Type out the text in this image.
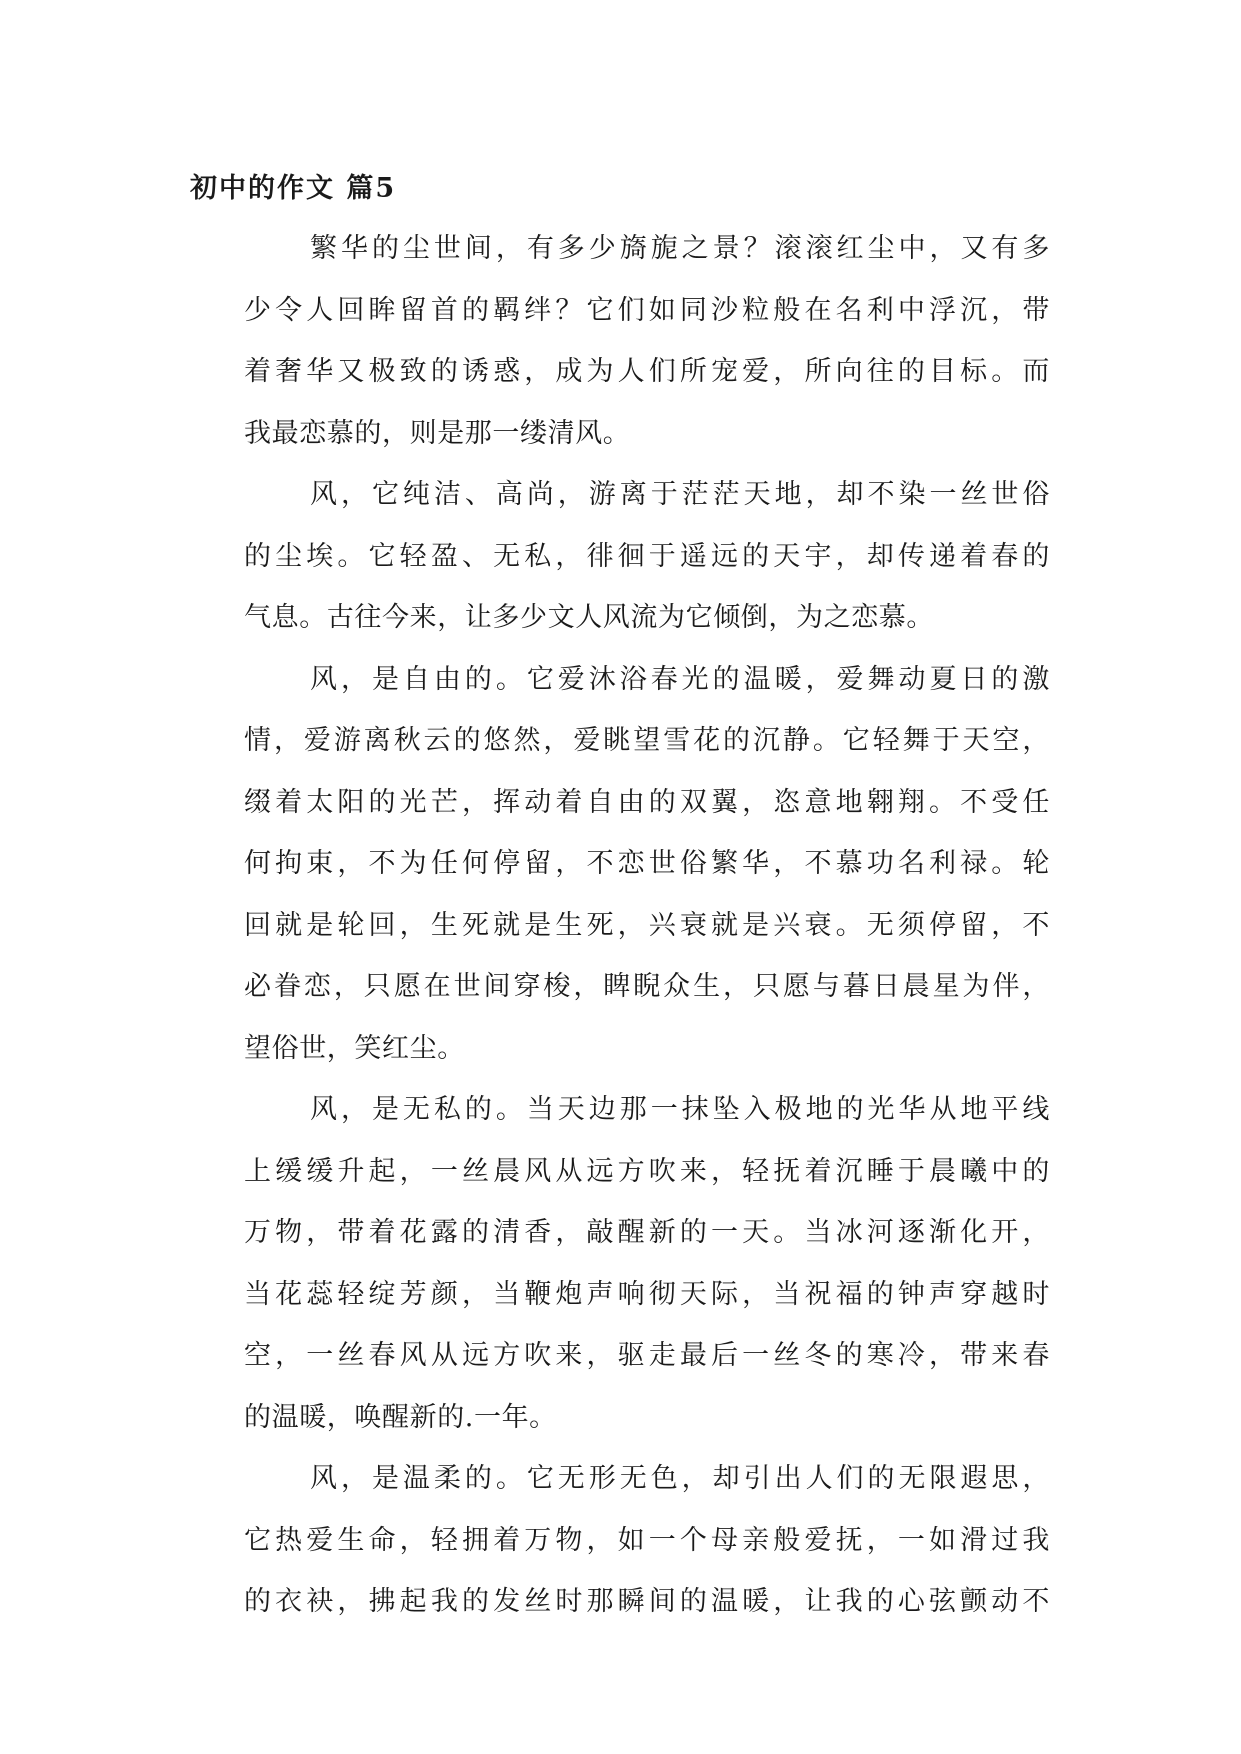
初中的作文 篇5

繁华的尘世间，有多少旖旎之景？滚滚红尘中，又有多
少令人回眸留首的羁绊？它们如同沙粒般在名利中浮沉，带
着奢华又极致的诱惑，成为人们所宠爱，所向往的目标。而
我最恋慕的，则是那一缕清风。

风，它纯洁、高尚，游离于茫茫天地，却不染一丝世俗
的尘埃。它轻盈、无私，徘徊于遥远的天宇，却传递着春的
气息。古往今来，让多少文人风流为它倾倒，为之恋慕。

风，是自由的。它爱沐浴春光的温暖，爱舞动夏日的激
情，爱游离秋云的悠然，爱眺望雪花的沉静。它轻舞于天空，
缀着太阳的光芒，挥动着自由的双翼，恣意地翱翔。不受任
何拘束，不为任何停留，不恋世俗繁华，不慕功名利禄。轮
回就是轮回，生死就是生死，兴衰就是兴衰。无须停留，不
必眷恋，只愿在世间穿梭，睥睨众生，只愿与暮日晨星为伴，
望俗世，笑红尘。

风，是无私的。当天边那一抹坠入极地的光华从地平线
上缓缓升起，一丝晨风从远方吹来，轻抚着沉睡于晨曦中的
万物，带着花露的清香，敲醒新的一天。当冰河逐渐化开，
当花蕊轻绽芳颜，当鞭炮声响彻天际，当祝福的钟声穿越时
空，一丝春风从远方吹来，驱走最后一丝冬的寒冷，带来春
的温暖，唤醒新的.一年。

风，是温柔的。它无形无色，却引出人们的无限遐思，
它热爱生命，轻拥着万物，如一个母亲般爱抚，一如滑过我
的衣袂，拂起我的发丝时那瞬间的温暖，让我的心弦颤动不
